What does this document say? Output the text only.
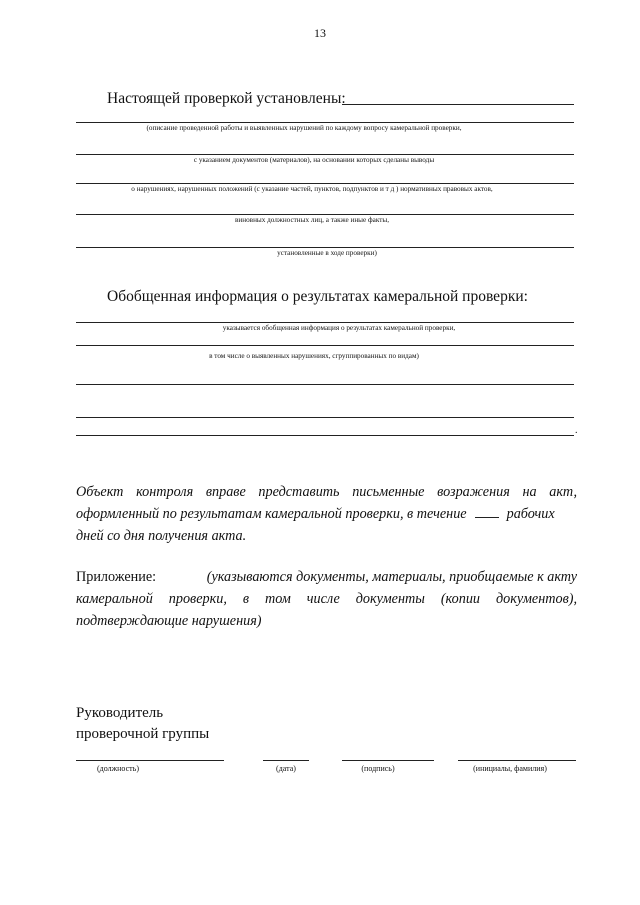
13
Настоящей проверкой установлены:
(описание проведенной работы и выявленных нарушений по каждому вопросу камеральной проверки,
с указанием документов (материалов), на основании которых сделаны выводы
о нарушениях, нарушенных положений (с указание частей, пунктов, подпунктов и т д ) нормативных правовых актов,
виновных должностных лиц, а также иные факты,
установленные в ходе проверки)
Обобщенная информация о результатах камеральной проверки:
указывается обобщенная информация о результатах камеральной проверки,
в том числе о выявленных нарушениях, сгруппированных по видам)
.
Объект контроля вправе представить письменные возражения на акт,
оформленный по результатам камеральной проверки, в течение	рабочих
дней со дня получения акта.
Приложение:	(указываются документы, материалы, приобщаемые к акту
камеральной проверки, в том числе документы (копии документов),
подтверждающие нарушения)
Руководитель
проверочной группы
(должность)	(дата)	(подпись)	(инициалы, фамилия)
